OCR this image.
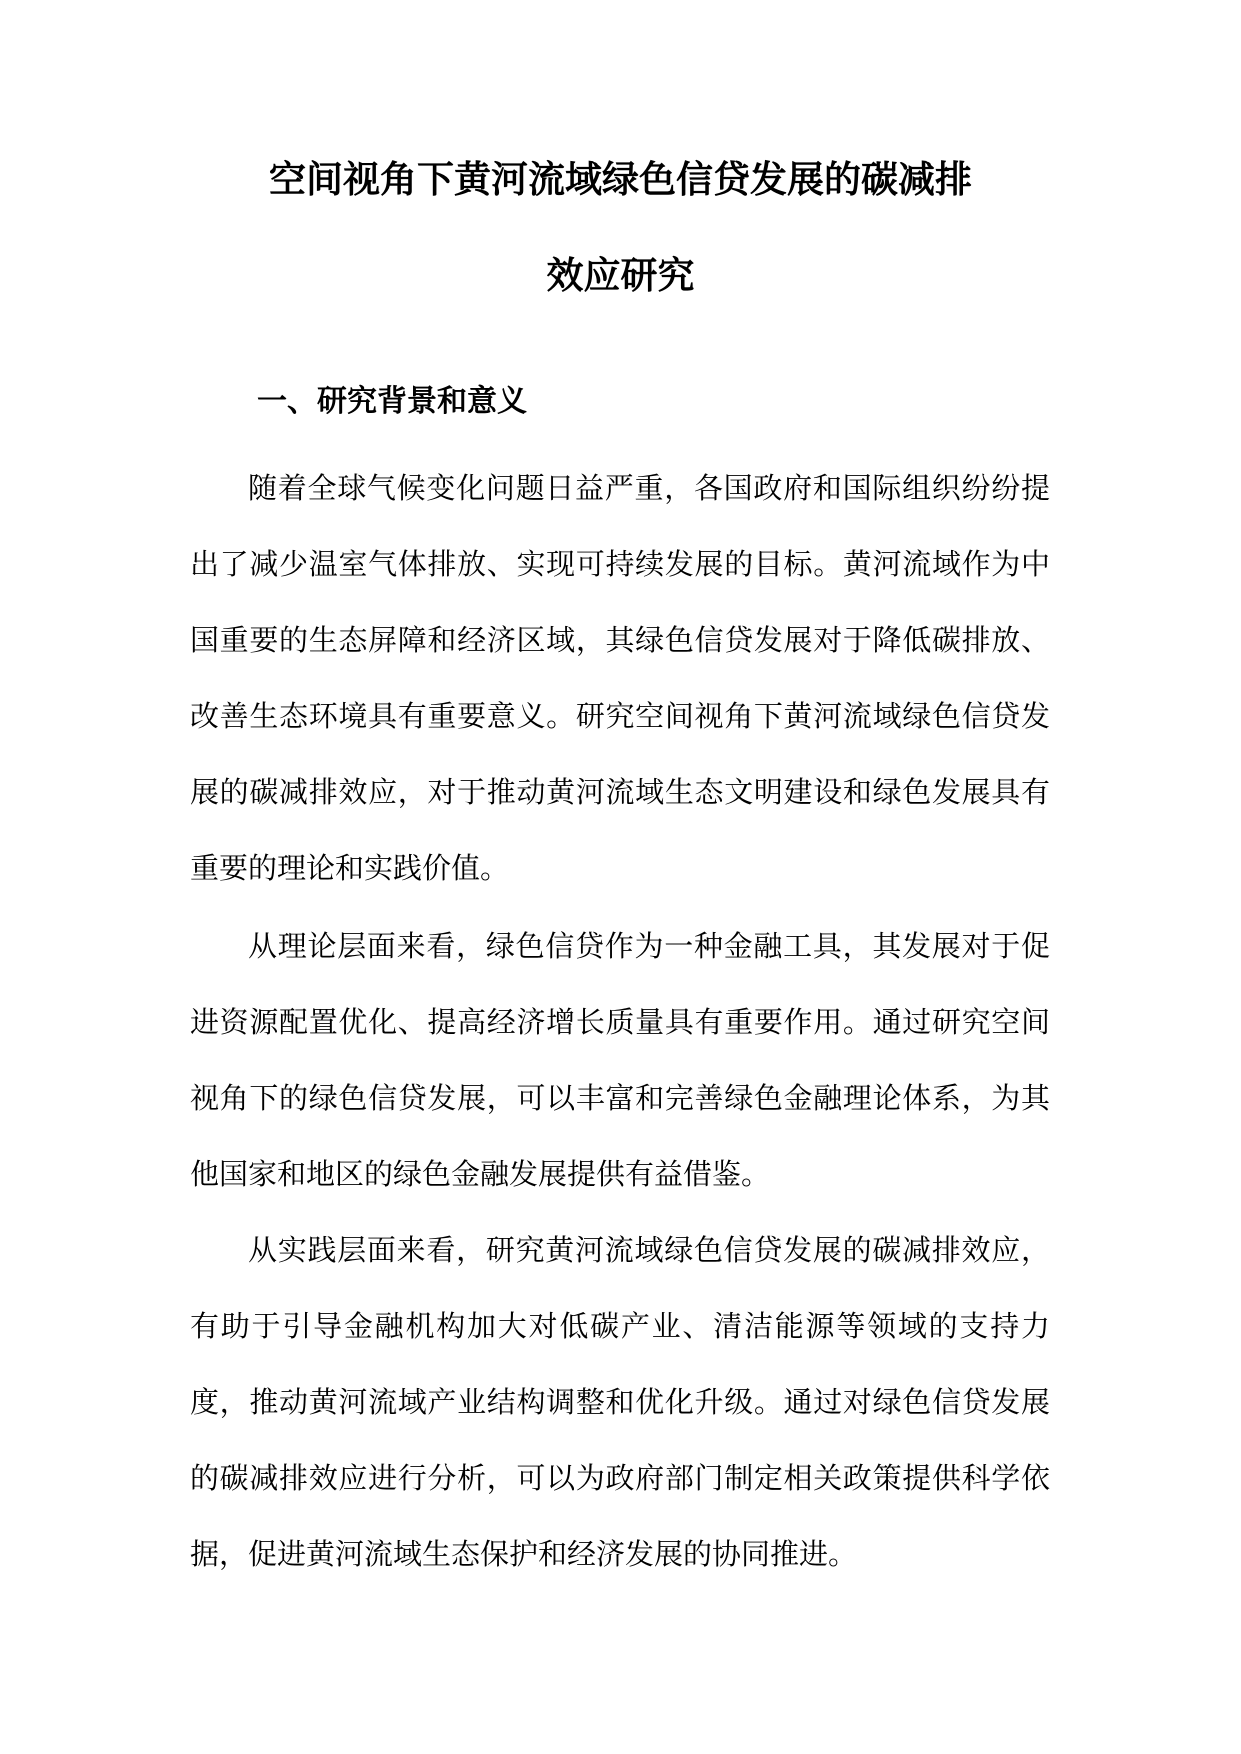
空间视角下黄河流域绿色信贷发展的碳减排
效应研究
一、研究背景和意义

随着全球气候变化问题日益严重，各国政府和国际组织纷纷提出了减少温室气体排放、实现可持续发展的目标。黄河流域作为中国重要的生态屏障和经济区域，其绿色信贷发展对于降低碳排放、改善生态环境具有重要意义。研究空间视角下黄河流域绿色信贷发展的碳减排效应，对于推动黄河流域生态文明建设和绿色发展具有重要的理论和实践价值。

从理论层面来看，绿色信贷作为一种金融工具，其发展对于促进资源配置优化、提高经济增长质量具有重要作用。通过研究空间视角下的绿色信贷发展，可以丰富和完善绿色金融理论体系，为其他国家和地区的绿色金融发展提供有益借鉴。

从实践层面来看，研究黄河流域绿色信贷发展的碳减排效应，有助于引导金融机构加大对低碳产业、清洁能源等领域的支持力度，推动黄河流域产业结构调整和优化升级。通过对绿色信贷发展的碳减排效应进行分析，可以为政府部门制定相关政策提供科学依据，促进黄河流域生态保护和经济发展的协同推进。
